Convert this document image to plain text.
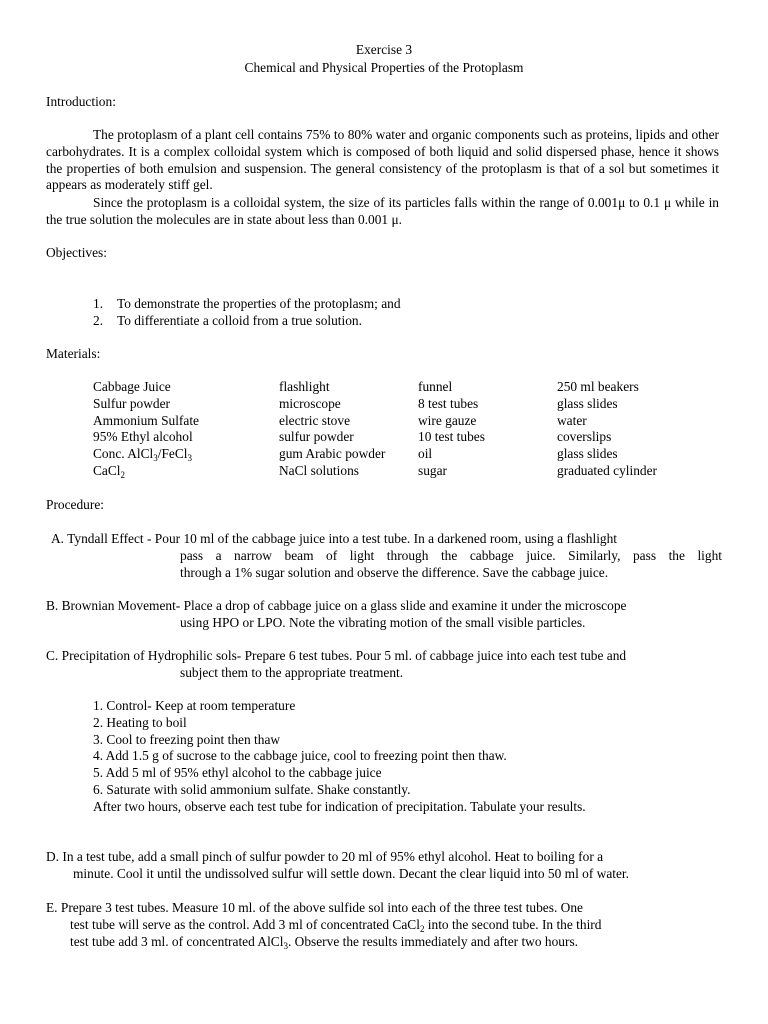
Exercise 3
Chemical and Physical Properties of the Protoplasm
Introduction:
The protoplasm of a plant cell contains 75% to 80% water and organic components such as proteins, lipids and other carbohydrates. It is a complex colloidal system which is composed of both liquid and solid dispersed phase, hence it shows the properties of both emulsion and suspension. The general consistency of the protoplasm is that of a sol but sometimes it appears as moderately stiff gel.
Since the protoplasm is a colloidal system, the size of its particles falls within the range of 0.001μ to 0.1 μ while in the true solution the molecules are in state about less than 0.001 μ.
Objectives:
1. To demonstrate the properties of the protoplasm; and
2. To differentiate a colloid from a true solution.
Materials:
Cabbage Juice
Sulfur powder
Ammonium Sulfate
95% Ethyl alcohol
Conc. AlCl$_3$/FeCl$_3$
CaCl$_2$
flashlight
microscope
electric stove
sulfur powder
gum Arabic powder
NaCl solutions
funnel
8 test tubes
wire gauze
10 test tubes
oil
sugar
250 ml beakers
glass slides
water
coverslips
glass slides
graduated cylinder
Procedure:
A. Tyndall Effect - Pour 10 ml of the cabbage juice into a test tube. In a darkened room, using a flashlight
pass a narrow beam of light through the cabbage juice. Similarly, pass the light
through a 1% sugar solution and observe the difference. Save the cabbage juice.
B. Brownian Movement- Place a drop of cabbage juice on a glass slide and examine it under the microscope
using HPO or LPO. Note the vibrating motion of the small visible particles.
C. Precipitation of Hydrophilic sols- Prepare 6 test tubes. Pour 5 ml. of cabbage juice into each test tube and
subject them to the appropriate treatment.
1. Control- Keep at room temperature
2. Heating to boil
3. Cool to freezing point then thaw
4. Add 1.5 g of sucrose to the cabbage juice, cool to freezing point then thaw.
5. Add 5 ml of 95% ethyl alcohol to the cabbage juice
6. Saturate with solid ammonium sulfate. Shake constantly.
After two hours, observe each test tube for indication of precipitation. Tabulate your results.
D. In a test tube, add a small pinch of sulfur powder to 20 ml of 95% ethyl alcohol. Heat to boiling for a
minute. Cool it until the undissolved sulfur will settle down. Decant the clear liquid into 50 ml of water.
E. Prepare 3 test tubes. Measure 10 ml. of the above sulfide sol into each of the three test tubes. One
test tube will serve as the control. Add 3 ml of concentrated CaCl$_2$ into the second tube. In the third
test tube add 3 ml. of concentrated AlCl$_3$. Observe the results immediately and after two hours.
